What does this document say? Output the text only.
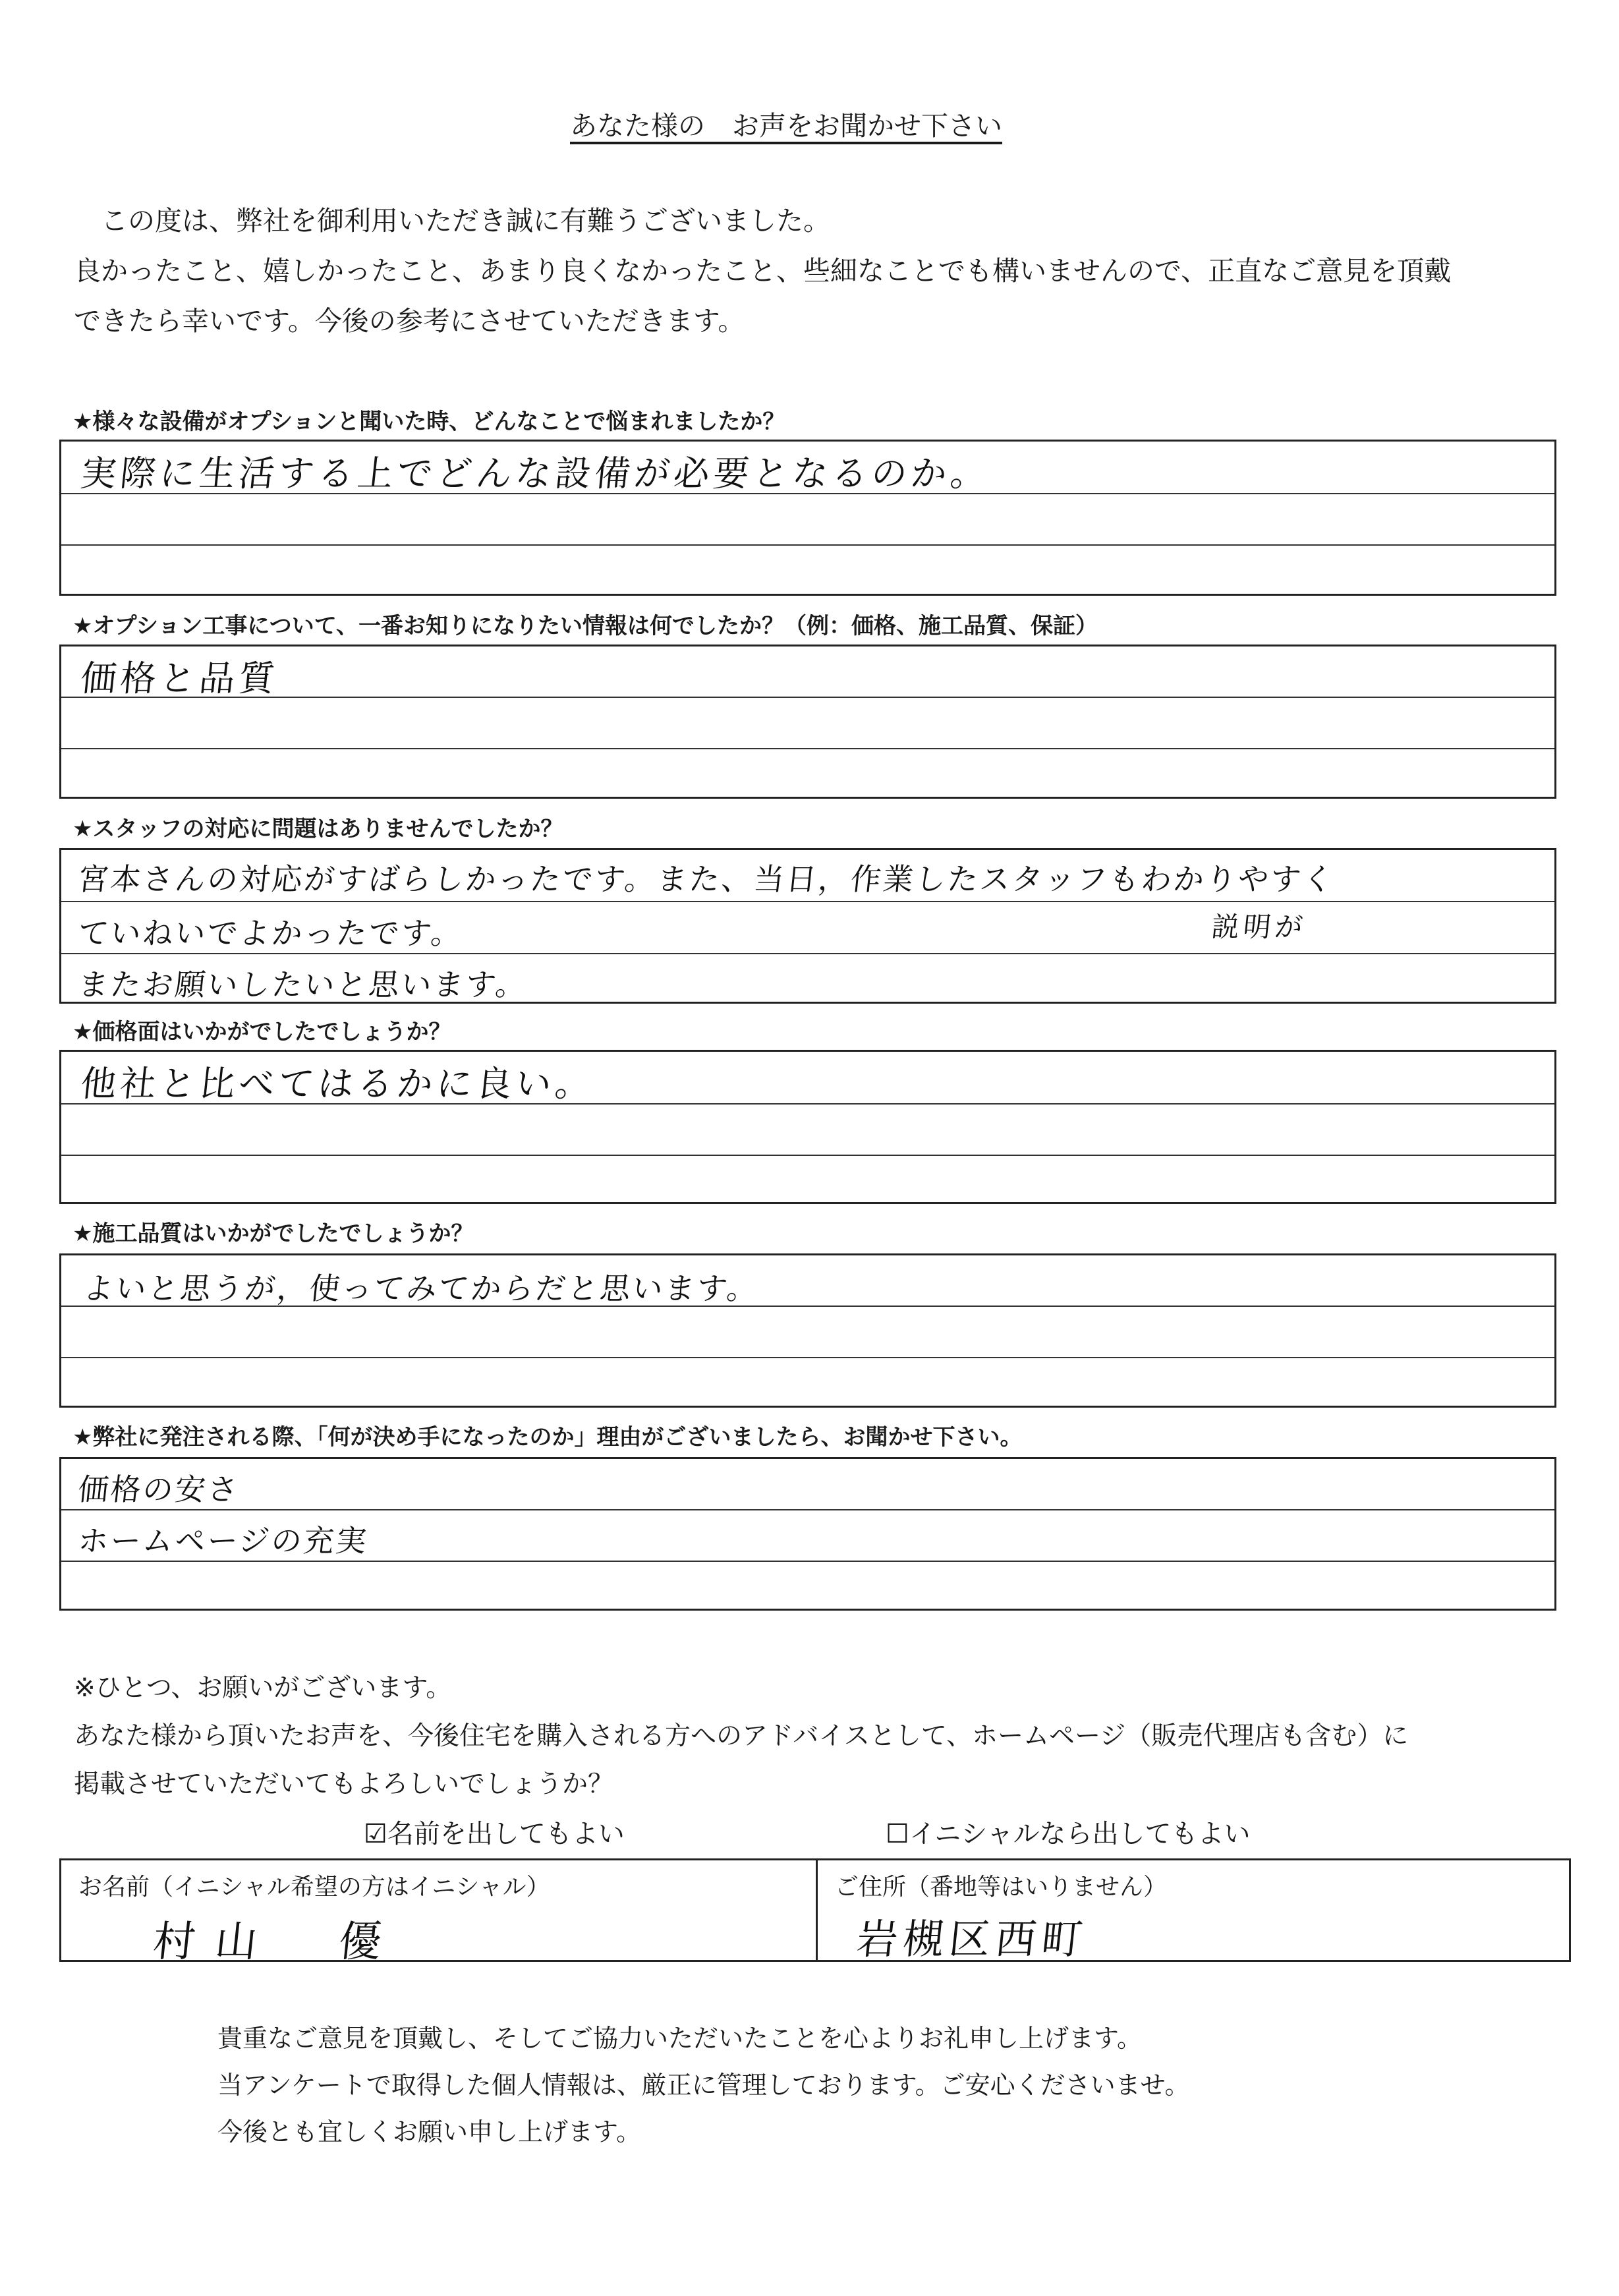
あなた様の　お声をお聞かせ下さい
　この度は、弊社を御利用いただき誠に有難うございました。
良かったこと、嬉しかったこと、あまり良くなかったこと、些細なことでも構いませんので、正直なご意見を頂戴
できたら幸いです。今後の参考にさせていただきます。
★様々な設備がオプションと聞いた時、どんなことで悩まれましたか？
実際に生活する上でどんな設備が必要となるのか。
★オプション工事について、一番お知りになりたい情報は何でしたか？（例：価格、施工品質、保証）
価格と品質
★スタッフの対応に問題はありませんでしたか？
宮本さんの対応がすばらしかったです。また、当日，作業したスタッフもわかりやすく
ていねいでよかったです。
またお願いしたいと思います。
説明が
★価格面はいかがでしたでしょうか？
他社と比べてはるかに良い。
★施工品質はいかがでしたでしょうか？
よいと思うが，使ってみてからだと思います。
★弊社に発注される際、「何が決め手になったのか」理由がございましたら、お聞かせ下さい。
価格の安さ
ホームページの充実
※ひとつ、お願いがございます。
あなた様から頂いたお声を、今後住宅を購入される方へのアドバイスとして、ホームページ（販売代理店も含む）に
掲載させていただいてもよろしいでしょうか？
☑名前を出してもよい	☐イニシャルなら出してもよい
お名前（イニシャル希望の方はイニシャル）
村山　優
ご住所（番地等はいりません）
岩槻区西町
貴重なご意見を頂戴し、そしてご協力いただいたことを心よりお礼申し上げます。
当アンケートで取得した個人情報は、厳正に管理しております。ご安心くださいませ。
今後とも宜しくお願い申し上げます。
